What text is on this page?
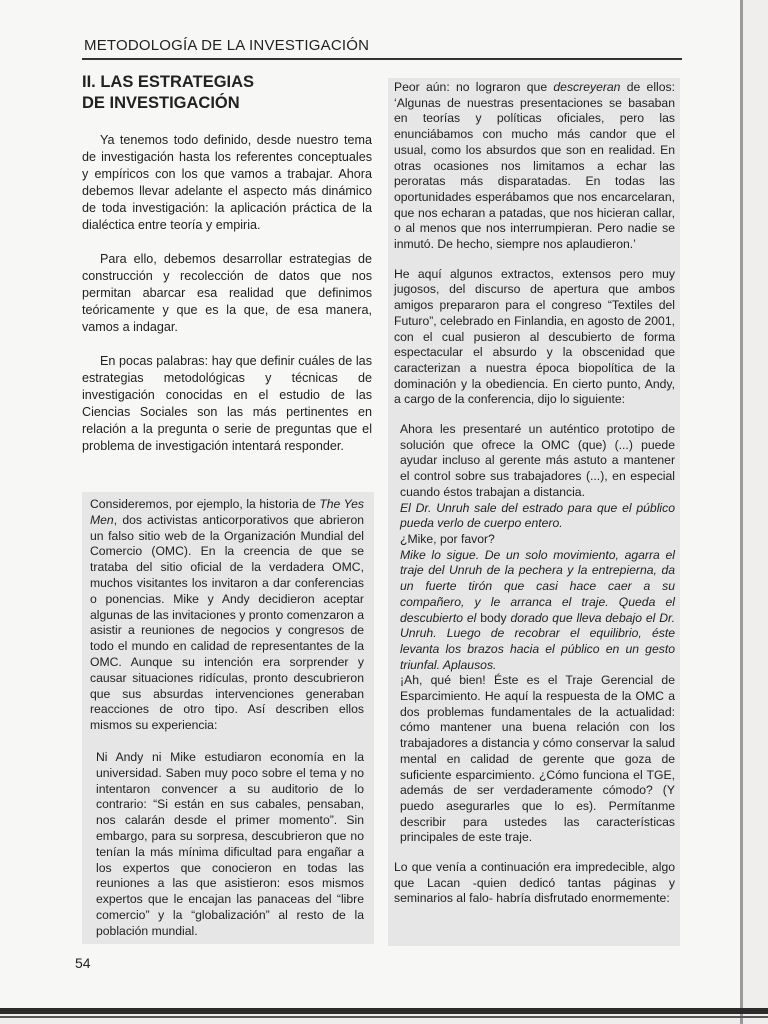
METODOLOGÍA DE LA INVESTIGACIÓN
II. LAS ESTRATEGIAS
DE INVESTIGACIÓN

Ya tenemos todo definido, desde nuestro tema de investigación hasta los referentes conceptuales y empíricos con los que vamos a trabajar. Ahora debemos llevar adelante el aspecto más dinámico de toda investigación: la aplicación práctica de la dialéctica entre teoría y empiria.

Para ello, debemos desarrollar estrategias de construcción y recolección de datos que nos permitan abarcar esa realidad que definimos teóricamente y que es la que, de esa manera, vamos a indagar.

En pocas palabras: hay que definir cuáles de las estrategias metodológicas y técnicas de investigación conocidas en el estudio de las Ciencias Sociales son las más pertinentes en relación a la pregunta o serie de preguntas que el problema de investigación intentará responder.

Consideremos, por ejemplo, la historia de The Yes Men, dos activistas anticorporativos que abrieron un falso sitio web de la Organización Mundial del Comercio (OMC). En la creencia de que se trataba del sitio oficial de la verdadera OMC, muchos visitantes los invitaron a dar conferencias o ponencias. Mike y Andy decidieron aceptar algunas de las invitaciones y pronto comenzaron a asistir a reuniones de negocios y congresos de todo el mundo en calidad de representantes de la OMC. Aunque su intención era sorprender y causar situaciones ridículas, pronto descubrieron que sus absurdas intervenciones generaban reacciones de otro tipo. Así describen ellos mismos su experiencia:

Ni Andy ni Mike estudiaron economía en la universidad. Saben muy poco sobre el tema y no intentaron convencer a su auditorio de lo contrario: “Si están en sus cabales, pensaban, nos calarán desde el primer momento”. Sin embargo, para su sorpresa, descubrieron que no tenían la más mínima dificultad para engañar a los expertos que conocieron en todas las reuniones a las que asistieron: esos mismos expertos que le encajan las panaceas del “libre comercio” y la “globalización” al resto de la población mundial.

Peor aún: no lograron que descreyeran de ellos: ‘Algunas de nuestras presentaciones se basaban en teorías y políticas oficiales, pero las enunciábamos con mucho más candor que el usual, como los absurdos que son en realidad. En otras ocasiones nos limitamos a echar las peroratas más disparatadas. En todas las oportunidades esperábamos que nos encarcelaran, que nos echaran a patadas, que nos hicieran callar, o al menos que nos interrumpieran. Pero nadie se inmutó. De hecho, siempre nos aplaudieron.’

He aquí algunos extractos, extensos pero muy jugosos, del discurso de apertura que ambos amigos prepararon para el congreso “Textiles del Futuro”, celebrado en Finlandia, en agosto de 2001, con el cual pusieron al descubierto de forma espectacular el absurdo y la obscenidad que caracterizan a nuestra época biopolítica de la dominación y la obediencia. En cierto punto, Andy, a cargo de la conferencia, dijo lo siguiente:

Ahora les presentaré un auténtico prototipo de solución que ofrece la OMC (que) (...) puede ayudar incluso al gerente más astuto a mantener el control sobre sus trabajadores (...), en especial cuando éstos trabajan a distancia.

El Dr. Unruh sale del estrado para que el público pueda verlo de cuerpo entero.

¿Mike, por favor?

Mike lo sigue. De un solo movimiento, agarra el traje del Unruh de la pechera y la entrepierna, da un fuerte tirón que casi hace caer a su compañero, y le arranca el traje. Queda el descubierto el body dorado que lleva debajo el Dr. Unruh. Luego de recobrar el equilibrio, éste levanta los brazos hacia el público en un gesto triunfal. Aplausos.

¡Ah, qué bien! Éste es el Traje Gerencial de Esparcimiento. He aquí la respuesta de la OMC a dos problemas fundamentales de la actualidad: cómo mantener una buena relación con los trabajadores a distancia y cómo conservar la salud mental en calidad de gerente que goza de suficiente esparcimiento. ¿Cómo funciona el TGE, además de ser verdaderamente cómodo? (Y puedo asegurarles que lo es). Permítanme describir para ustedes las características principales de este traje.

Lo que venía a continuación era impredecible, algo que Lacan -quien dedicó tantas páginas y seminarios al falo- habría disfrutado enormemente:

54
